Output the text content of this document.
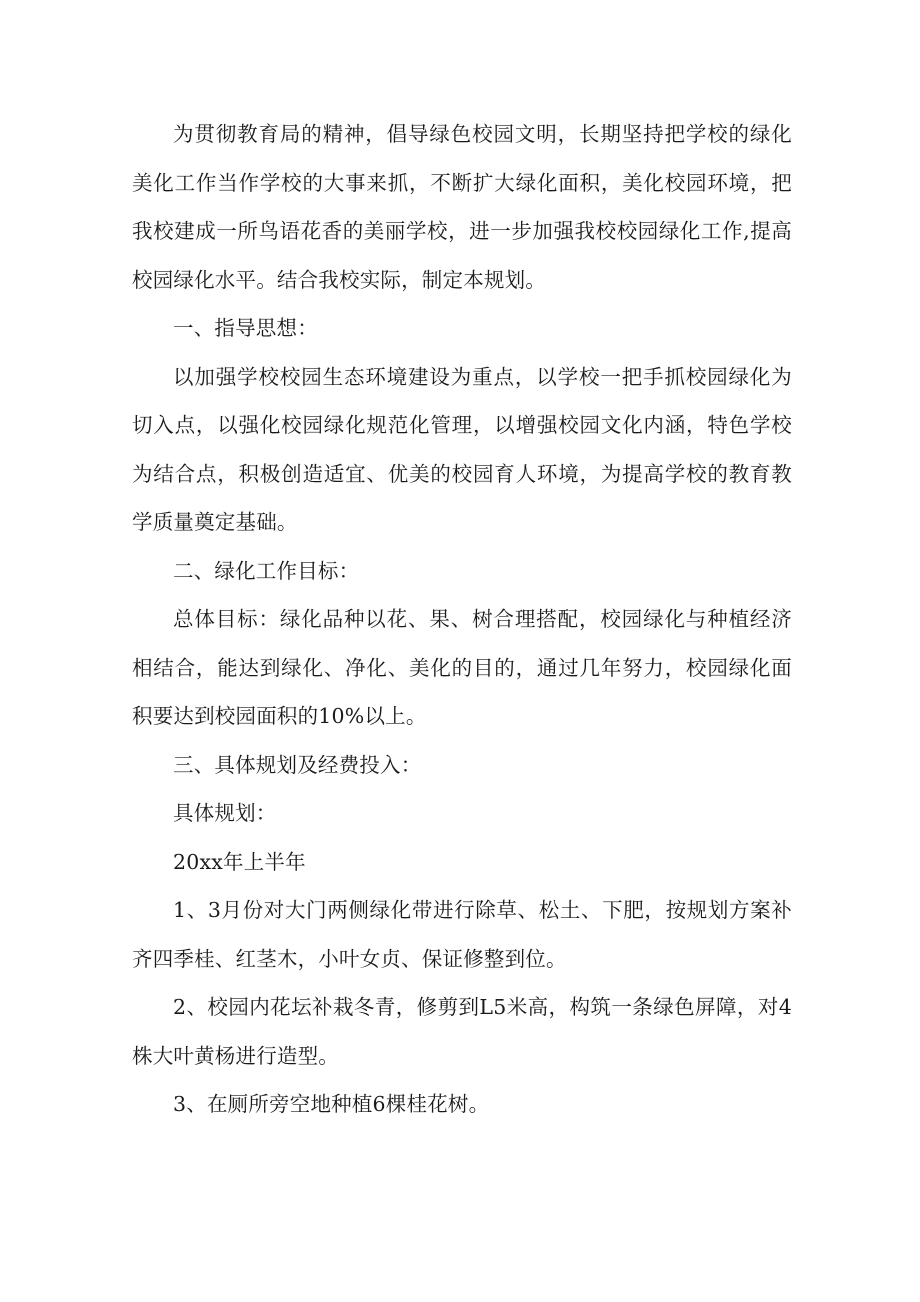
为贯彻教育局的精神，倡导绿色校园文明，长期坚持把学校的绿化美化工作当作学校的大事来抓，不断扩大绿化面积，美化校园环境，把我校建成一所鸟语花香的美丽学校，进一步加强我校校园绿化工作,提高校园绿化水平。结合我校实际，制定本规划。

一、指导思想：

以加强学校校园生态环境建设为重点，以学校一把手抓校园绿化为切入点，以强化校园绿化规范化管理，以增强校园文化内涵，特色学校为结合点，积极创造适宜、优美的校园育人环境，为提高学校的教育教学质量奠定基础。

二、绿化工作目标：

总体目标：绿化品种以花、果、树合理搭配，校园绿化与种植经济相结合，能达到绿化、净化、美化的目的，通过几年努力，校园绿化面积要达到校园面积的10%以上。

三、具体规划及经费投入：

具体规划：

20xx年上半年

1、3月份对大门两侧绿化带进行除草、松土、下肥，按规划方案补齐四季桂、红茎木，小叶女贞、保证修整到位。

2、校园内花坛补栽冬青，修剪到L5米高，构筑一条绿色屏障，对4株大叶黄杨进行造型。

3、在厕所旁空地种植6棵桂花树。
